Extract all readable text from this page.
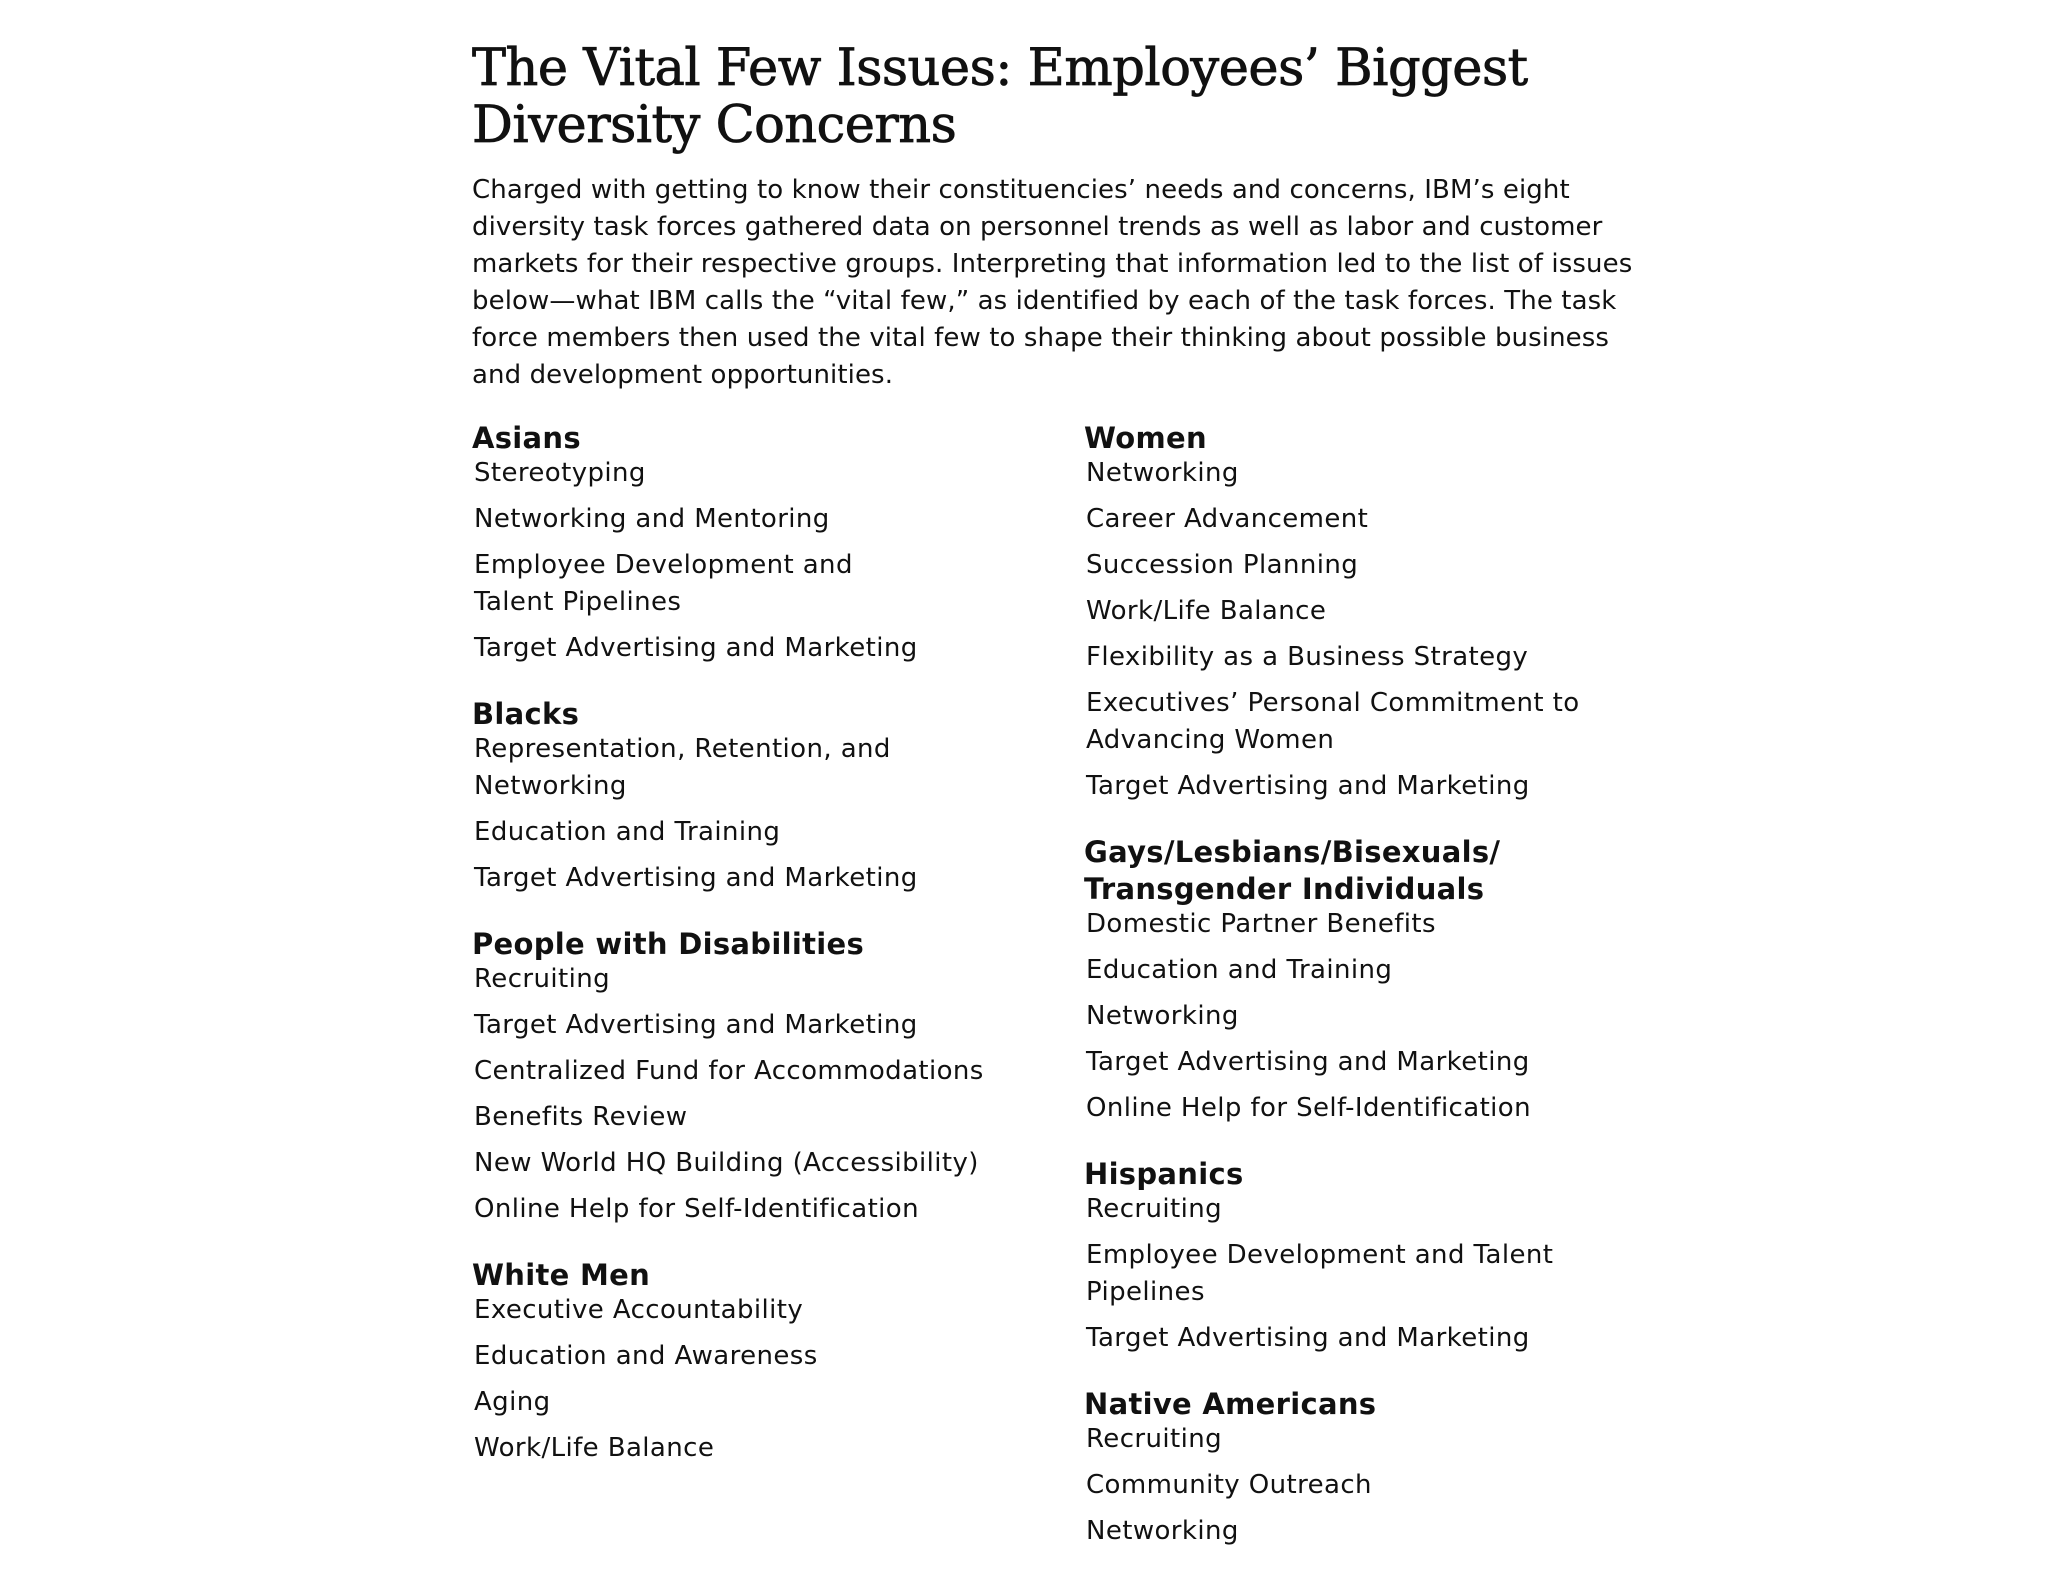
The Vital Few Issues: Employees’ Biggest Diversity Concerns

Charged with getting to know their constituencies’ needs and concerns, IBM’s eight diversity task forces gathered data on personnel trends as well as labor and customer markets for their respective groups. Interpreting that information led to the list of issues below—what IBM calls the “vital few,” as identified by each of the task forces. The task force members then used the vital few to shape their thinking about possible business and development opportunities.

Asians
Stereotyping
Networking and Mentoring
Employee Development and Talent Pipelines
Target Advertising and Marketing
Blacks
Representation, Retention, and Networking
Education and Training
Target Advertising and Marketing
People with Disabilities
Recruiting
Target Advertising and Marketing
Centralized Fund for Accommodations
Benefits Review
New World HQ Building (Accessibility)
Online Help for Self-Identification
White Men
Executive Accountability
Education and Awareness
Aging
Work/Life Balance
Women
Networking
Career Advancement
Succession Planning
Work/Life Balance
Flexibility as a Business Strategy
Executives’ Personal Commitment to Advancing Women
Target Advertising and Marketing
Gays/Lesbians/Bisexuals/ Transgender Individuals
Domestic Partner Benefits
Education and Training
Networking
Target Advertising and Marketing
Online Help for Self-Identification
Hispanics
Recruiting
Employee Development and Talent Pipelines
Target Advertising and Marketing
Native Americans
Recruiting
Community Outreach
Networking
